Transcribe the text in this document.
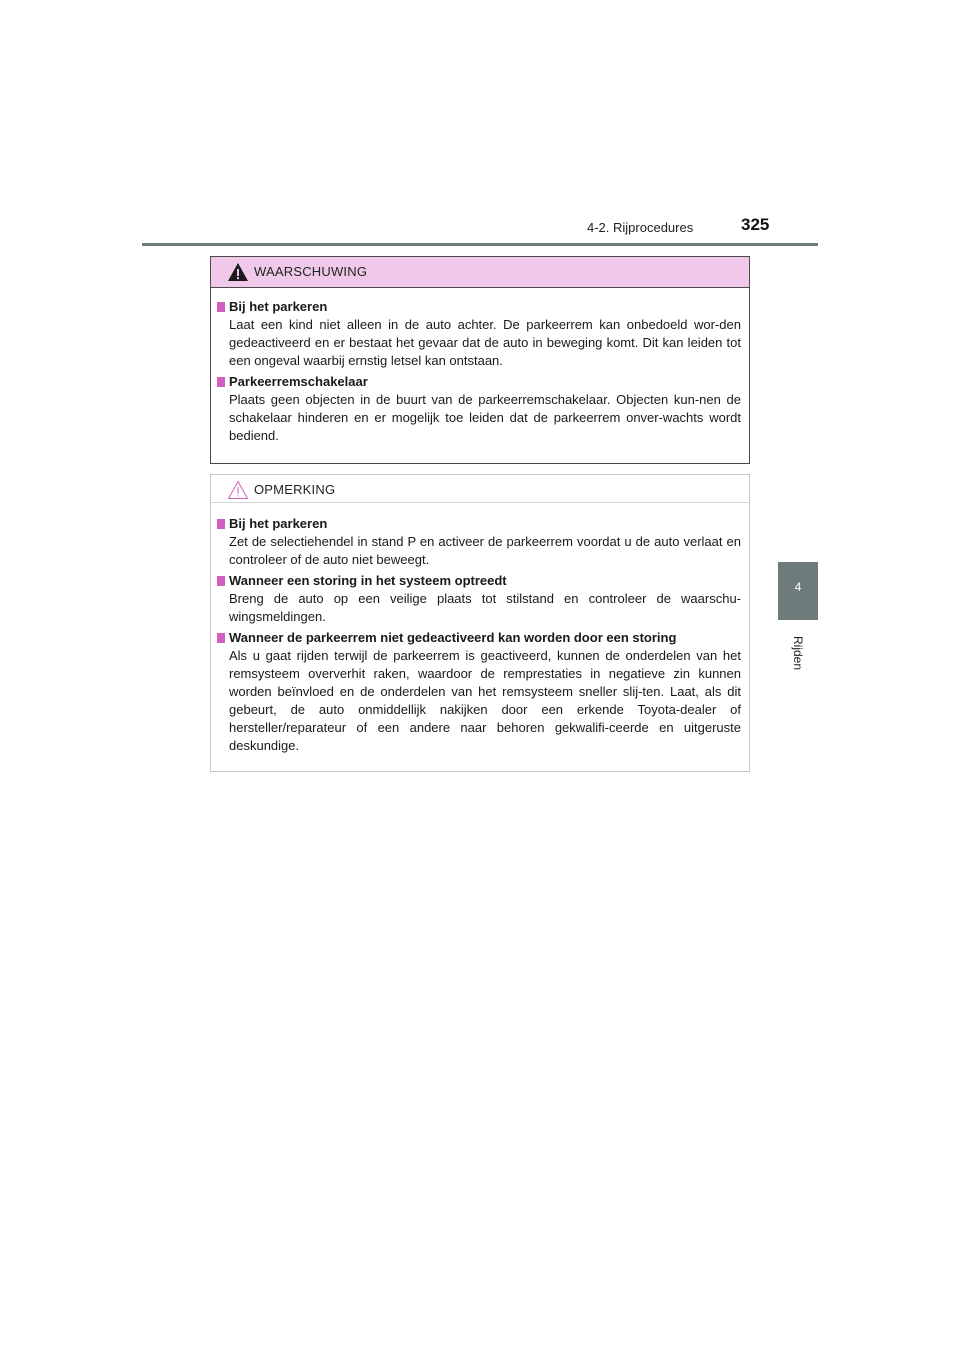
4-2. Rijprocedures	325
4
Rijden
WAARSCHUWING
Bij het parkeren
Laat een kind niet alleen in de auto achter. De parkeerrem kan onbedoeld wor-den gedeactiveerd en er bestaat het gevaar dat de auto in beweging komt. Dit kan leiden tot een ongeval waarbij ernstig letsel kan ontstaan.
Parkeerremschakelaar
Plaats geen objecten in de buurt van de parkeerremschakelaar. Objecten kun-nen de schakelaar hinderen en er mogelijk toe leiden dat de parkeerrem onver-wachts wordt bediend.
OPMERKING
Bij het parkeren
Zet de selectiehendel in stand P en activeer de parkeerrem voordat u de auto verlaat en controleer of de auto niet beweegt.
Wanneer een storing in het systeem optreedt
Breng de auto op een veilige plaats tot stilstand en controleer de waarschu-wingsmeldingen.
Wanneer de parkeerrem niet gedeactiveerd kan worden door een storing
Als u gaat rijden terwijl de parkeerrem is geactiveerd, kunnen de onderdelen van het remsysteem oververhit raken, waardoor de remprestaties in negatieve zin kunnen worden beïnvloed en de onderdelen van het remsysteem sneller slij-ten. Laat, als dit gebeurt, de auto onmiddellijk nakijken door een erkende Toyota-dealer of hersteller/reparateur of een andere naar behoren gekwalifi-ceerde en uitgeruste deskundige.
